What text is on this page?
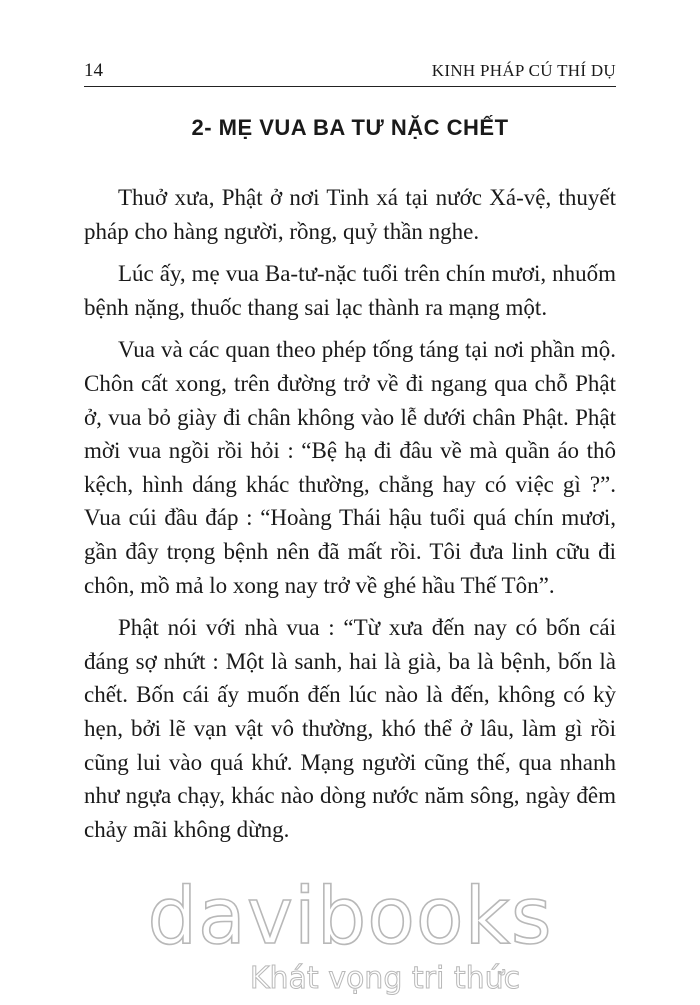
14	KINH PHÁP CÚ THÍ DỤ
2- MẸ VUA BA TƯ NẶC CHẾT

Thuở xưa, Phật ở nơi Tinh xá tại nước Xá-vệ, thuyết pháp cho hàng người, rồng, quỷ thần nghe.

Lúc ấy, mẹ vua Ba-tư-nặc tuổi trên chín mươi, nhuốm bệnh nặng, thuốc thang sai lạc thành ra mạng một.

Vua và các quan theo phép tống táng tại nơi phần mộ. Chôn cất xong, trên đường trở về đi ngang qua chỗ Phật ở, vua bỏ giày đi chân không vào lễ dưới chân Phật. Phật mời vua ngồi rồi hỏi : “Bệ hạ đi đâu về mà quần áo thô kệch, hình dáng khác thường, chẳng hay có việc gì ?”. Vua cúi đầu đáp : “Hoàng Thái hậu tuổi quá chín mươi, gần đây trọng bệnh nên đã mất rồi. Tôi đưa linh cữu đi chôn, mồ mả lo xong nay trở về ghé hầu Thế Tôn”.

Phật nói với nhà vua : “Từ xưa đến nay có bốn cái đáng sợ nhứt : Một là sanh, hai là già, ba là bệnh, bốn là chết. Bốn cái ấy muốn đến lúc nào là đến, không có kỳ hẹn, bởi lẽ vạn vật vô thường, khó thể ở lâu, làm gì rồi cũng lui vào quá khứ. Mạng người cũng thế, qua nhanh như ngựa chạy, khác nào dòng nước năm sông, ngày đêm chảy mãi không dừng.

davibooks
Khát vọng tri thức
